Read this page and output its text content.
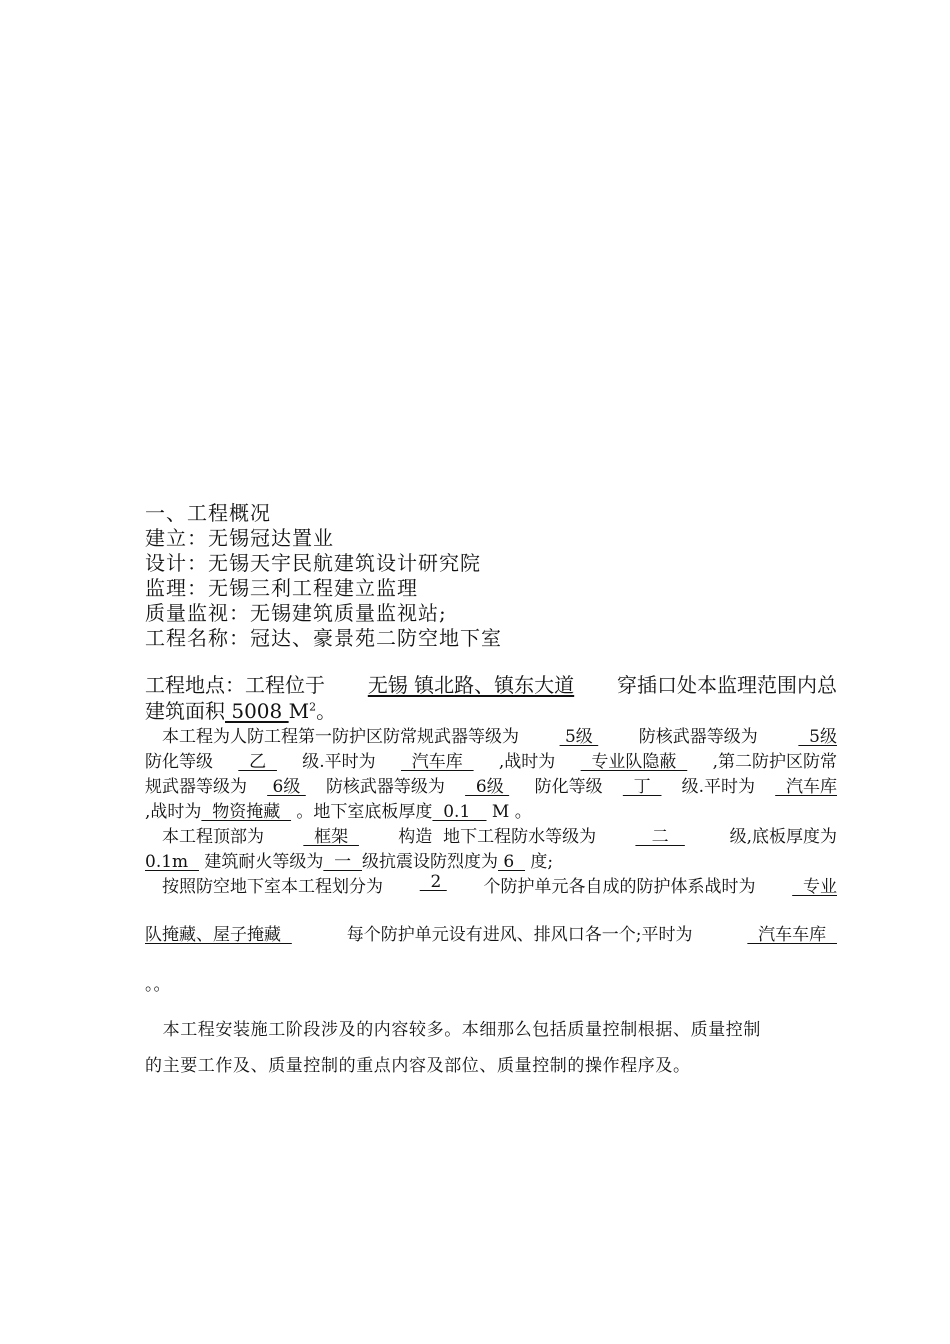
一、工程概况
建立：无锡冠达置业
设计：无锡天宇民航建筑设计研究院
监理：无锡三利工程建立监理
质量监视：无锡建筑质量监视站;
工程名称：冠达、豪景苑二防空地下室
工程地点：工程位于 无锡 镇北路、镇东大道 穿插口处本监理范围内总
建筑面积 5008 $M^2$。
　本工程为人防工程第一防护区防常规武器等级为 5级 防核武器等级为 5级
防化等级 乙 级.平时为 汽车库 ,战时为 专业队隐蔽 ,第二防护区防常
规武器等级为 6级 防核武器等级为 6级 防化等级 丁 级.平时为 汽车库
,战时为  物资掩藏   。地下室底板厚度  0.1    M 。
　本工程顶部为 框架 构造  地下工程防水等级为 二 级,底板厚度为
0.1m   建筑耐火等级为  一  级抗震设防烈度为 6   度;
　按照防空地下室本工程划分为 2 个防护单元各自成的防护体系战时为 专业
队掩藏、屋子掩藏	每个防护单元设有进风、排风口各一个;平时为	汽车车库
。。
　本工程安装施工阶段涉及的内容较多。本细那么包括质量控制根据、质量控制
的主要工作及、质量控制的重点内容及部位、质量控制的操作程序及。
